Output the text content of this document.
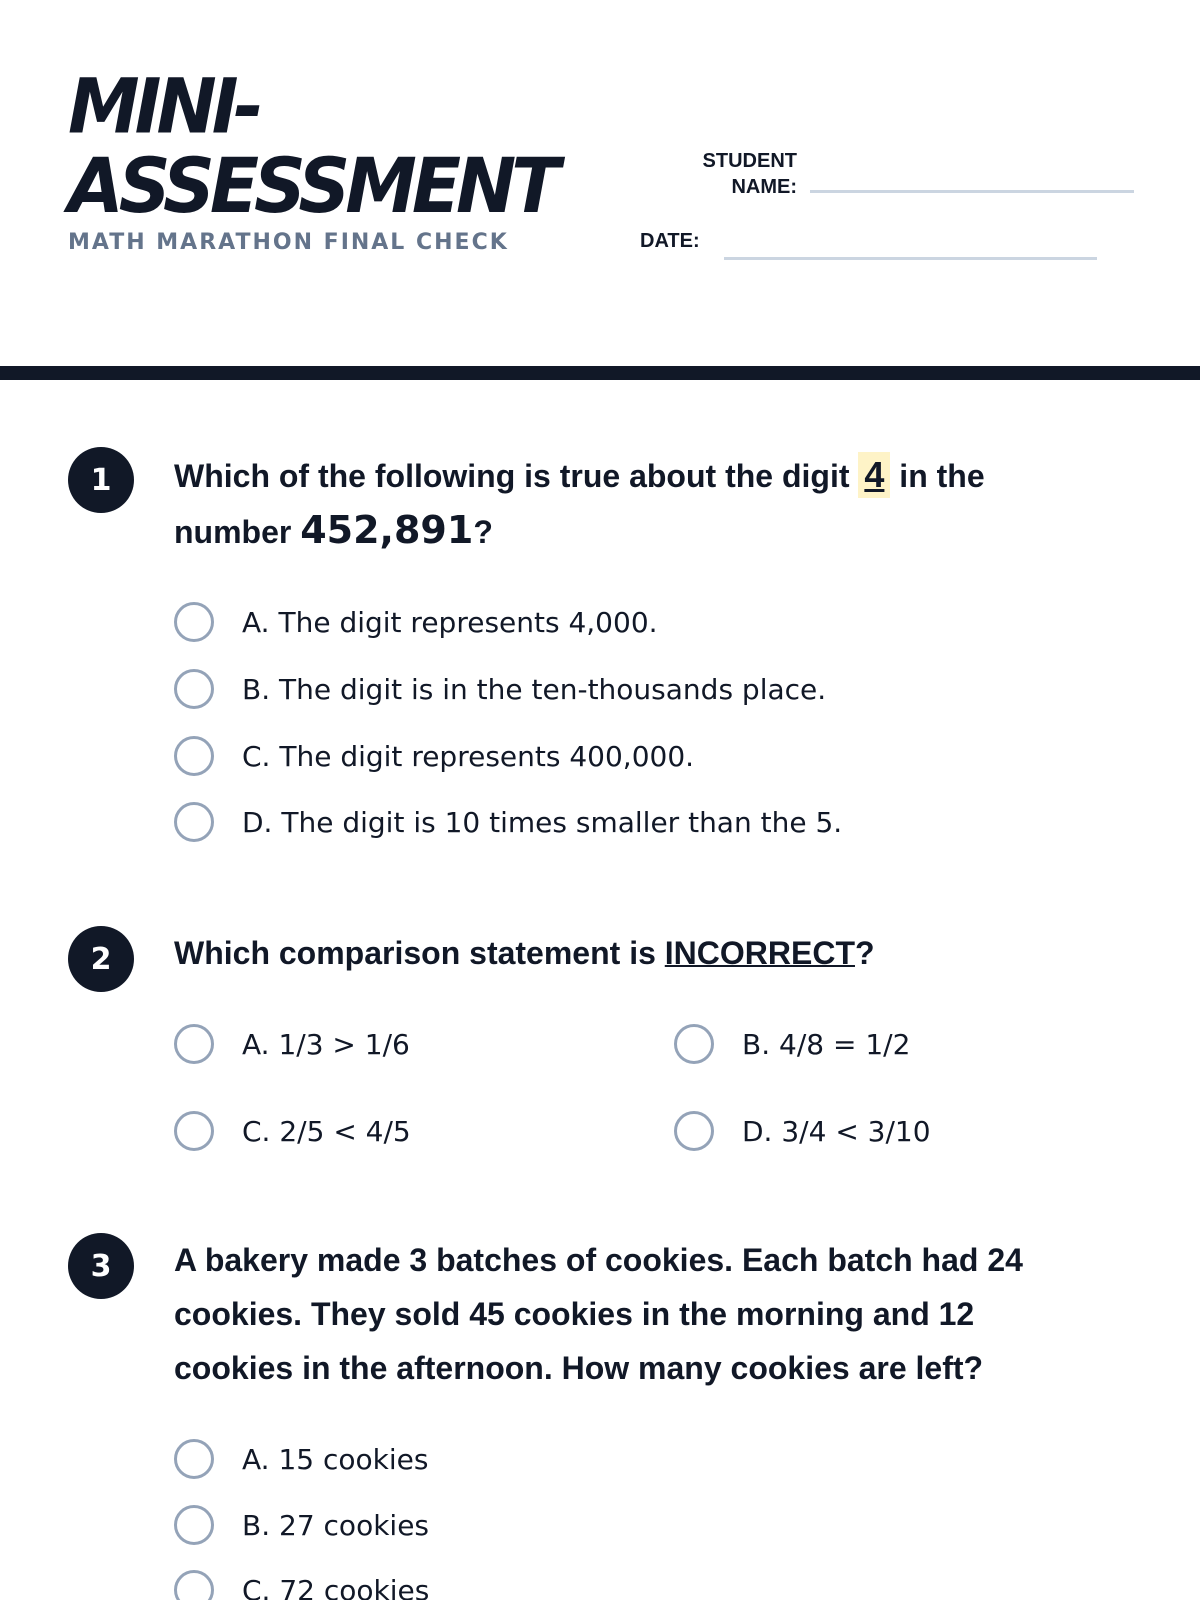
MINI-
ASSESSMENT
MATH MARATHON FINAL CHECK
STUDENT
NAME:
DATE:
1	Which of the following is true about the digit 4 in the number 452,891?
A. The digit represents 4,000.
B. The digit is in the ten-thousands place.
C. The digit represents 400,000.
D. The digit is 10 times smaller than the 5.
2	Which comparison statement is INCORRECT?
A. 1/3 > 1/6	B. 4/8 = 1/2
C. 2/5 < 4/5	D. 3/4 < 3/10
3	A bakery made 3 batches of cookies. Each batch had 24 cookies. They sold 45 cookies in the morning and 12 cookies in the afternoon. How many cookies are left?
A. 15 cookies
B. 27 cookies
C. 72 cookies
